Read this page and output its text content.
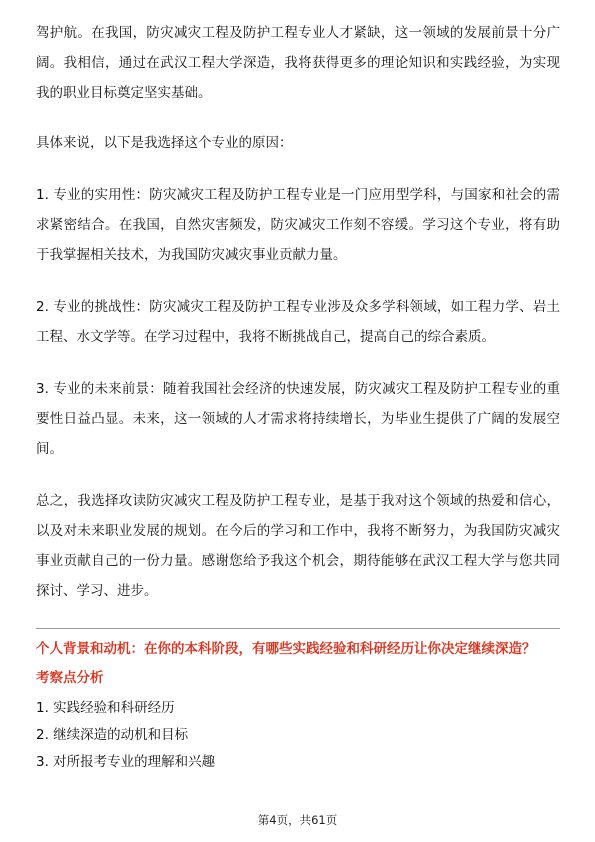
驾护航。在我国，防灾减灾工程及防护工程专业人才紧缺，这一领域的发展前景十分广阔。我相信，通过在武汉工程大学深造，我将获得更多的理论知识和实践经验，为实现我的职业目标奠定坚实基础。

具体来说，以下是我选择这个专业的原因：

1. 专业的实用性：防灾减灾工程及防护工程专业是一门应用型学科，与国家和社会的需求紧密结合。在我国，自然灾害频发，防灾减灾工作刻不容缓。学习这个专业，将有助于我掌握相关技术，为我国防灾减灾事业贡献力量。

2. 专业的挑战性：防灾减灾工程及防护工程专业涉及众多学科领域，如工程力学、岩土工程、水文学等。在学习过程中，我将不断挑战自己，提高自己的综合素质。

3. 专业的未来前景：随着我国社会经济的快速发展，防灾减灾工程及防护工程专业的重要性日益凸显。未来，这一领域的人才需求将持续增长，为毕业生提供了广阔的发展空间。

总之，我选择攻读防灾减灾工程及防护工程专业，是基于我对这个领域的热爱和信心，以及对未来职业发展的规划。在今后的学习和工作中，我将不断努力，为我国防灾减灾事业贡献自己的一份力量。感谢您给予我这个机会，期待能够在武汉工程大学与您共同探讨、学习、进步。

个人背景和动机：在你的本科阶段，有哪些实践经验和科研经历让你决定继续深造？

考察点分析

1. 实践经验和科研经历
2. 继续深造的动机和目标
3. 对所报考专业的理解和兴趣
第4页，共61页
